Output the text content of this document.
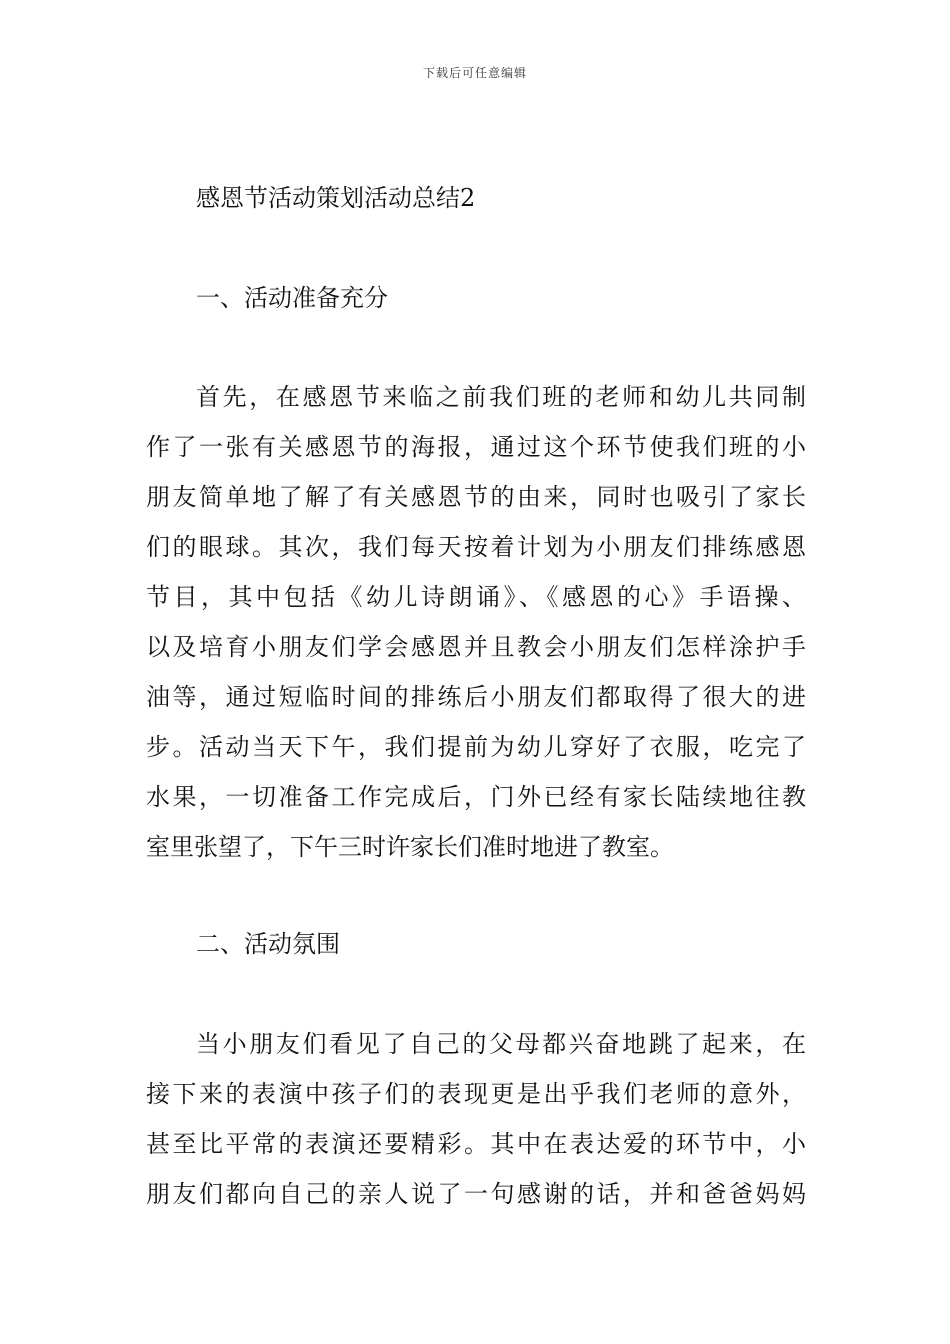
下载后可任意编辑
感恩节活动策划活动总结2
一、活动准备充分
首先，在感恩节来临之前我们班的老师和幼儿共同制
作了一张有关感恩节的海报，通过这个环节使我们班的小
朋友简单地了解了有关感恩节的由来，同时也吸引了家长
们的眼球。其次，我们每天按着计划为小朋友们排练感恩
节目，其中包括《幼儿诗朗诵》、《感恩的心》手语操、
以及培育小朋友们学会感恩并且教会小朋友们怎样涂护手
油等，通过短临时间的排练后小朋友们都取得了很大的进
步。活动当天下午，我们提前为幼儿穿好了衣服，吃完了
水果，一切准备工作完成后，门外已经有家长陆续地往教
室里张望了，下午三时许家长们准时地进了教室。
二、活动氛围
当小朋友们看见了自己的父母都兴奋地跳了起来，在
接下来的表演中孩子们的表现更是出乎我们老师的意外，
甚至比平常的表演还要精彩。其中在表达爱的环节中，小
朋友们都向自己的亲人说了一句感谢的话，并和爸爸妈妈
